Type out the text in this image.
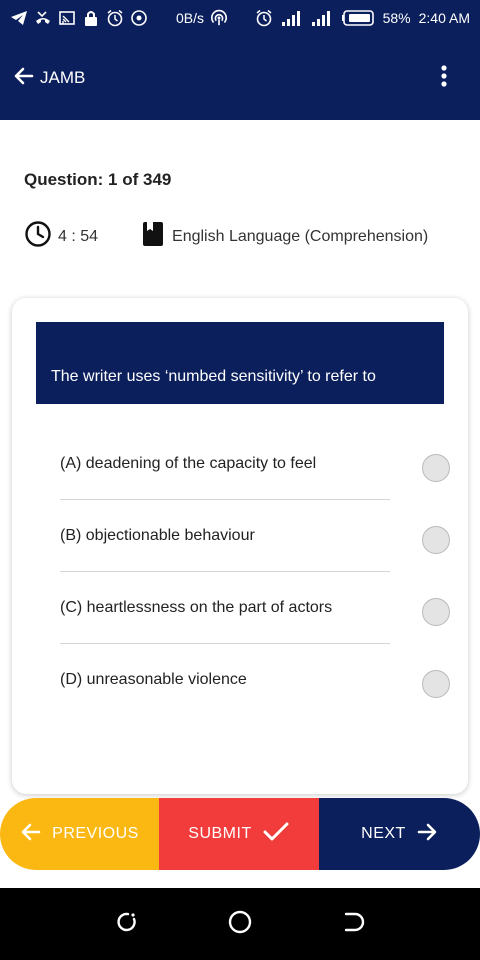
0B/s	58% 2:40 AM
JAMB
Question: 1 of 349
4 : 54	English Language (Comprehension)
The writer uses ‘numbed sensitivity’ to refer to
(A) deadening of the capacity to feel
(B) objectionable behaviour
(C) heartlessness on the part of actors
(D) unreasonable violence
PREVIOUS	SUBMIT	NEXT
